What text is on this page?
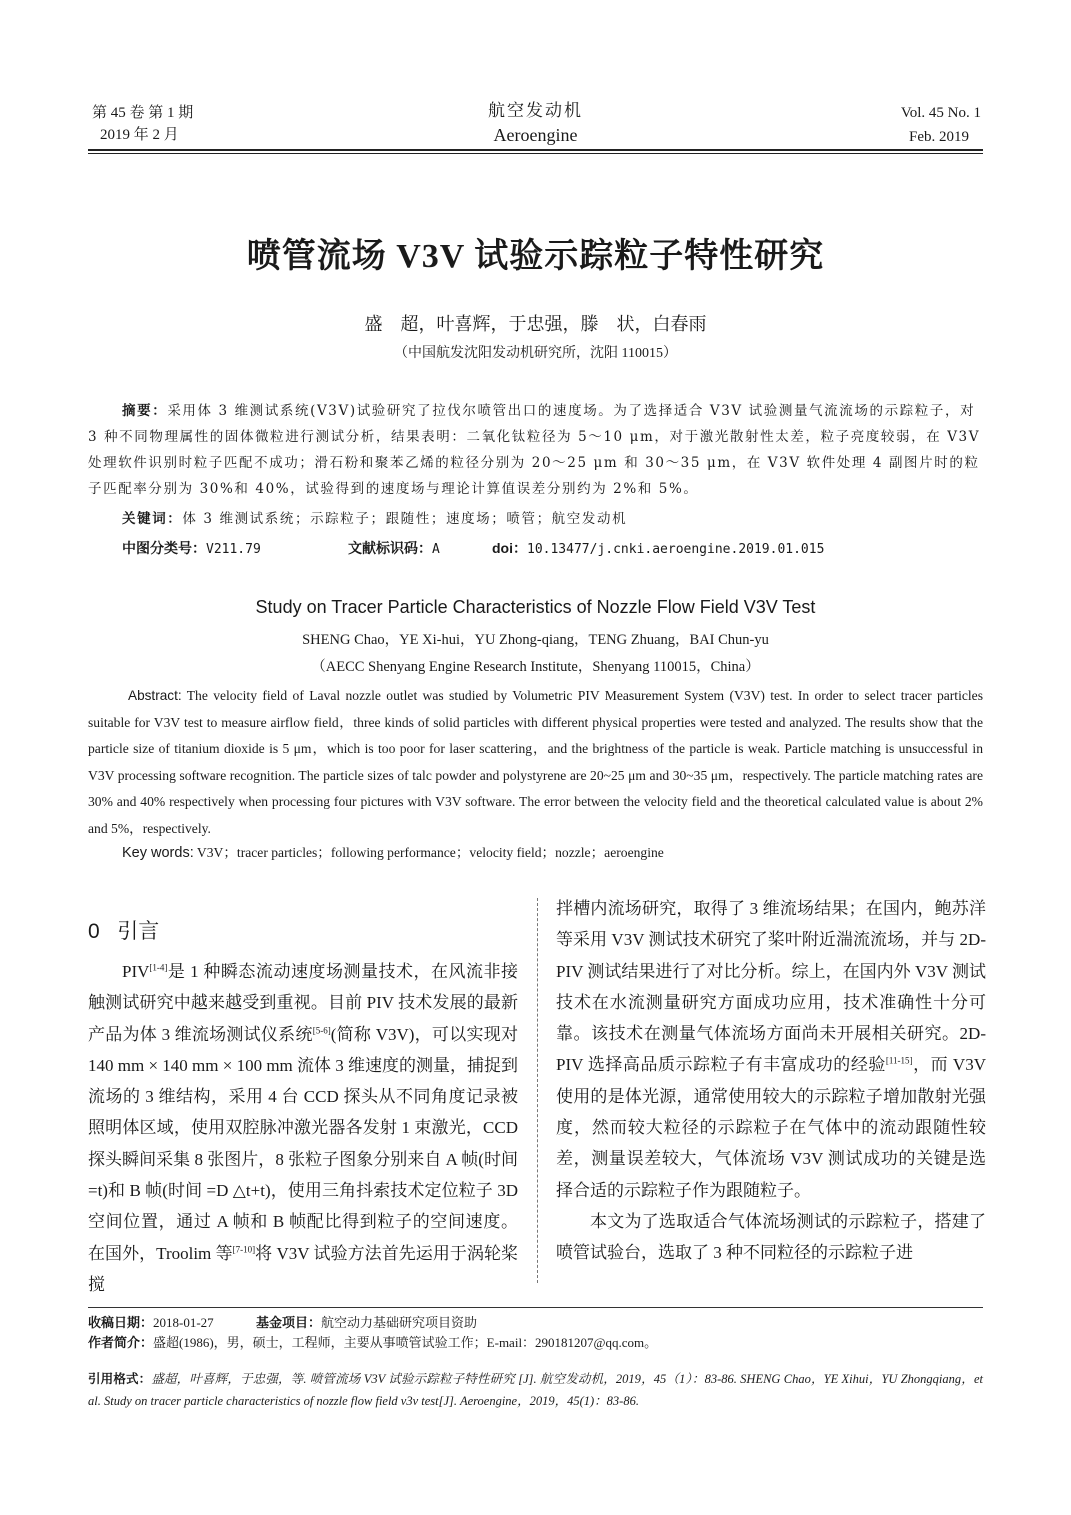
第 45 卷 第 1 期
2019 年 2 月
航空发动机
Aeroengine
Vol. 45 No. 1
Feb. 2019
喷管流场 V3V 试验示踪粒子特性研究
盛　超，叶喜辉，于忠强，滕　状，白春雨
（中国航发沈阳发动机研究所，沈阳 110015）
摘要：采用体 3 维测试系统(V3V)试验研究了拉伐尔喷管出口的速度场。为了选择适合 V3V 试验测量气流流场的示踪粒子，对 3 种不同物理属性的固体微粒进行测试分析，结果表明：二氧化钛粒径为 5～10 μm，对于激光散射性太差，粒子亮度较弱，在 V3V 处理软件识别时粒子匹配不成功；滑石粉和聚苯乙烯的粒径分别为 20～25 μm 和 30～35 μm，在 V3V 软件处理 4 副图片时的粒子匹配率分别为 30%和 40%，试验得到的速度场与理论计算值误差分别约为 2%和 5%。
关键词：体 3 维测试系统；示踪粒子；跟随性；速度场；喷管；航空发动机
中图分类号：V211.79	文献标识码：A	doi：10.13477/j.cnki.aeroengine.2019.01.015
Study on Tracer Particle Characteristics of Nozzle Flow Field V3V Test
SHENG Chao，YE Xi-hui，YU Zhong-qiang，TENG Zhuang，BAI Chun-yu
（AECC Shenyang Engine Research Institute，Shenyang 110015，China）
Abstract: The velocity field of Laval nozzle outlet was studied by Volumetric PIV Measurement System (V3V) test. In order to select tracer particles suitable for V3V test to measure airflow field，three kinds of solid particles with different physical properties were tested and analyzed. The results show that the particle size of titanium dioxide is 5 μm，which is too poor for laser scattering，and the brightness of the particle is weak. Particle matching is unsuccessful in V3V processing software recognition. The particle sizes of talc powder and polystyrene are 20~25 μm and 30~35 μm，respectively. The particle matching rates are 30% and 40% respectively when processing four pictures with V3V software. The error between the velocity field and the theoretical calculated value is about 2% and 5%，respectively.
Key words: V3V；tracer particles；following performance；velocity field；nozzle；aeroengine
0 引言
PIV[1-4]是 1 种瞬态流动速度场测量技术，在风流非接触测试研究中越来越受到重视。目前 PIV 技术发展的最新产品为体 3 维流场测试仪系统[5-6](简称 V3V)，可以实现对 140 mm × 140 mm × 100 mm 流体 3 维速度的测量，捕捉到流场的 3 维结构，采用 4 台 CCD 探头从不同角度记录被照明体区域，使用双腔脉冲激光器各发射 1 束激光，CCD 探头瞬间采集 8 张图片，8 张粒子图象分别来自 A 帧(时间 =t)和 B 帧(时间 =D △t+t)，使用三角抖索技术定位粒子 3D 空间位置，通过 A 帧和 B 帧配比得到粒子的空间速度。在国外，Troolim 等[7-10]将 V3V 试验方法首先运用于涡轮桨搅
拌槽内流场研究，取得了 3 维流场结果；在国内，鲍苏洋等采用 V3V 测试技术研究了桨叶附近湍流流场，并与 2D-PIV 测试结果进行了对比分析。综上，在国内外 V3V 测试技术在水流测量研究方面成功应用，技术准确性十分可靠。该技术在测量气体流场方面尚未开展相关研究。2D-PIV 选择高品质示踪粒子有丰富成功的经验[11-15]，而 V3V 使用的是体光源，通常使用较大的示踪粒子增加散射光强度，然而较大粒径的示踪粒子在气体中的流动跟随性较差，测量误差较大，气体流场 V3V 测试成功的关键是选择合适的示踪粒子作为跟随粒子。
本文为了选取适合气体流场测试的示踪粒子，搭建了喷管试验台，选取了 3 种不同粒径的示踪粒子进
收稿日期：2018-01-27	基金项目：航空动力基础研究项目资助
作者简介：盛超(1986)，男，硕士，工程师，主要从事喷管试验工作；E-mail：290181207@qq.com。
引用格式：盛超，叶喜辉，于忠强，等. 喷管流场 V3V 试验示踪粒子特性研究 [J]. 航空发动机，2019，45（1）：83-86. SHENG Chao，YE Xihui，YU Zhongqiang，et al. Study on tracer particle characteristics of nozzle flow field v3v test[J]. Aeroengine，2019，45(1)：83-86.
